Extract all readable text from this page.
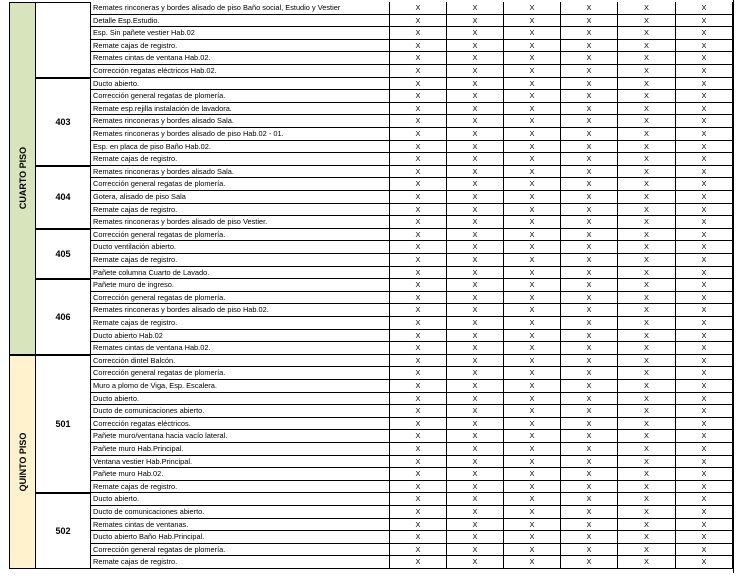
CUARTO PISO
Remates rinconeras y bordes alisado de piso Baño social, Estudio y Vestier	X	X	X	X	X	X
Detalle Esp.Estudio.	X	X	X	X	X	X
Esp. Sin pañete vestier Hab.02	X	X	X	X	X	X
Remate cajas de registro.	X	X	X	X	X	X
Remates cintas de ventana Hab.02.	X	X	X	X	X	X
Corrección regatas eléctricos Hab.02.	X	X	X	X	X	X
403
Ducto abierto.	X	X	X	X	X	X
Corrección general regatas de plomería.	X	X	X	X	X	X
Remate esp.rejilla instalación de lavadora.	X	X	X	X	X	X
Remates rinconeras y bordes alisado Sala.	X	X	X	X	X	X
Remates rinconeras y bordes alisado de piso Hab.02 - 01.	X	X	X	X	X	X
Esp. en placa de piso Baño Hab.02.	X	X	X	X	X	X
Remate cajas de registro.	X	X	X	X	X	X
404
Remates rinconeras y bordes alisado Sala.	X	X	X	X	X	X
Corrección general regatas de plomería.	X	X	X	X	X	X
Gotera, alisado de piso Sala	X	X	X	X	X	X
Remate cajas de registro.	X	X	X	X	X	X
Remates rinconeras y bordes alisado de piso Vestier.	X	X	X	X	X	X
405
Corrección general regatas de plomería.	X	X	X	X	X	X
Ducto ventilación abierto.	X	X	X	X	X	X
Remate cajas de registro.	X	X	X	X	X	X
Pañete columna Cuarto de Lavado.	X	X	X	X	X	X
406
Pañete muro de ingreso.	X	X	X	X	X	X
Corrección general regatas de plomería.	X	X	X	X	X	X
Remates rinconeras y bordes alisado de piso Hab.02.	X	X	X	X	X	X
Remate cajas de registro.	X	X	X	X	X	X
Ducto abierto Hab.02	X	X	X	X	X	X
Remates cintas de ventana Hab.02.	X	X	X	X	X	X
QUINTO PISO
501
Corrección dintel Balcón.	X	X	X	X	X	X
Corrección general regatas de plomería.	X	X	X	X	X	X
Muro a plomo de Viga, Esp. Escalera.	X	X	X	X	X	X
Ducto abierto.	X	X	X	X	X	X
Ducto de comunicaciones abierto.	X	X	X	X	X	X
Corrección regatas eléctricos.	X	X	X	X	X	X
Pañete muro/ventana hacia vacío lateral.	X	X	X	X	X	X
Pañete muro Hab.Principal.	X	X	X	X	X	X
Ventana vestier Hab.Principal.	X	X	X	X	X	X
Pañete muro Hab.02.	X	X	X	X	X	X
Remate cajas de registro.	X	X	X	X	X	X
502
Ducto abierto.	X	X	X	X	X	X
Ducto de comunicaciones abierto.	X	X	X	X	X	X
Remates cintas de ventanas.	X	X	X	X	X	X
Ducto abierto Baño Hab.Principal.	X	X	X	X	X	X
Corrección general regatas de plomería.	X	X	X	X	X	X
Remate cajas de registro.	X	X	X	X	X	X
